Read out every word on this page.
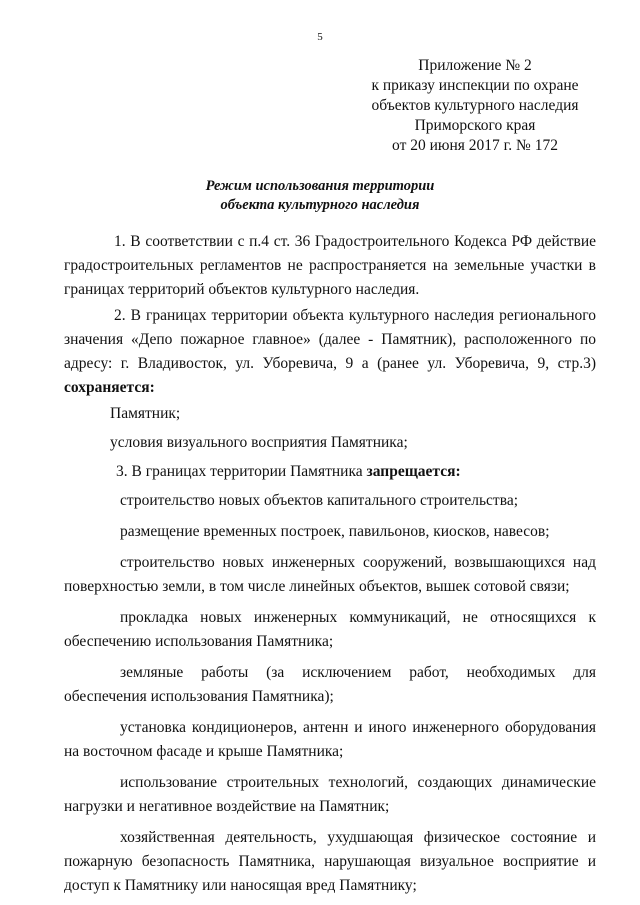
5
Приложение № 2
к приказу инспекции по охране
объектов культурного наследия
Приморского края
от 20 июня 2017 г. № 172
Режим использования территории
объекта культурного наследия

1. В соответствии с п.4 ст. 36 Градостроительного Кодекса РФ действие градостроительных регламентов не распространяется на земельные участки в границах территорий объектов культурного наследия.

2. В границах территории объекта культурного наследия регионального значения «Депо пожарное главное» (далее - Памятник), расположенного по адресу: г. Владивосток, ул. Уборевича, 9 а (ранее ул. Уборевича, 9, стр.3) сохраняется:

Памятник;

условия визуального восприятия Памятника;

3. В границах территории Памятника запрещается:

строительство новых объектов капитального строительства;

размещение временных построек, павильонов, киосков, навесов;

строительство новых инженерных сооружений, возвышающихся над поверхностью земли, в том числе линейных объектов, вышек сотовой связи;

прокладка новых инженерных коммуникаций, не относящихся к обеспечению использования Памятника;

земляные работы (за исключением работ, необходимых для обеспечения использования Памятника);

установка кондиционеров, антенн и иного инженерного оборудования на восточном фасаде и крыше Памятника;

использование строительных технологий, создающих динамические нагрузки и негативное воздействие на Памятник;

хозяйственная деятельность, ухудшающая физическое состояние и пожарную безопасность Памятника, нарушающая визуальное восприятие и доступ к Памятнику или наносящая вред Памятнику;
